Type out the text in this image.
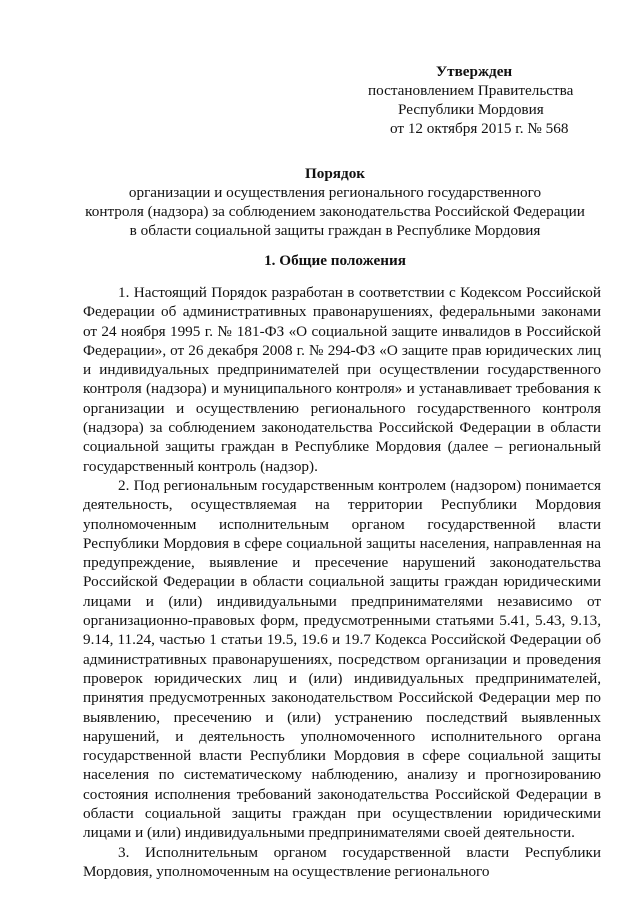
Утвержден
постановлением Правительства
Республики Мордовия
от 12 октября 2015 г. № 568
Порядок
организации и осуществления регионального государственного
контроля (надзора) за соблюдением законодательства Российской Федерации
в области социальной защиты граждан в Республике Мордовия
1. Общие положения

1. Настоящий Порядок разработан в соответствии с Кодексом Российской Федерации об административных правонарушениях, федеральными законами от 24 ноября 1995 г. № 181-ФЗ «О социальной защите инвалидов в Российской Федерации», от 26 декабря 2008 г. № 294-ФЗ «О защите прав юридических лиц и индивидуальных предпринимателей при осуществлении государственного контроля (надзора) и муниципального контроля» и устанавливает требования к организации и осуществлению регионального государственного контроля (надзора) за соблюдением законодательства Российской Федерации в области социальной защиты граждан в Республике Мордовия (далее – региональный государственный контроль (надзор).

2. Под региональным государственным контролем (надзором) понимается деятельность, осуществляемая на территории Республики Мордовия уполномоченным исполнительным органом государственной власти Республики Мордовия в сфере социальной защиты населения, направленная на предупреждение, выявление и пресечение нарушений законодательства Российской Федерации в области социальной защиты граждан юридическими лицами и (или) индивидуальными предпринимателями независимо от организационно-правовых форм, предусмотренными статьями 5.41, 5.43, 9.13, 9.14, 11.24, частью 1 статьи 19.5, 19.6 и 19.7 Кодекса Российской Федерации об административных правонарушениях, посредством организации и проведения проверок юридических лиц и (или) индивидуальных предпринимателей, принятия предусмотренных законодательством Российской Федерации мер по выявлению, пресечению и (или) устранению последствий выявленных нарушений, и деятельность уполномоченного исполнительного органа государственной власти Республики Мордовия в сфере социальной защиты населения по систематическому наблюдению, анализу и прогнозированию состояния исполнения требований законодательства Российской Федерации в области социальной защиты граждан при осуществлении юридическими лицами и (или) индивидуальными предпринимателями своей деятельности.

3. Исполнительным органом государственной власти Республики Мордовия, уполномоченным на осуществление регионального
